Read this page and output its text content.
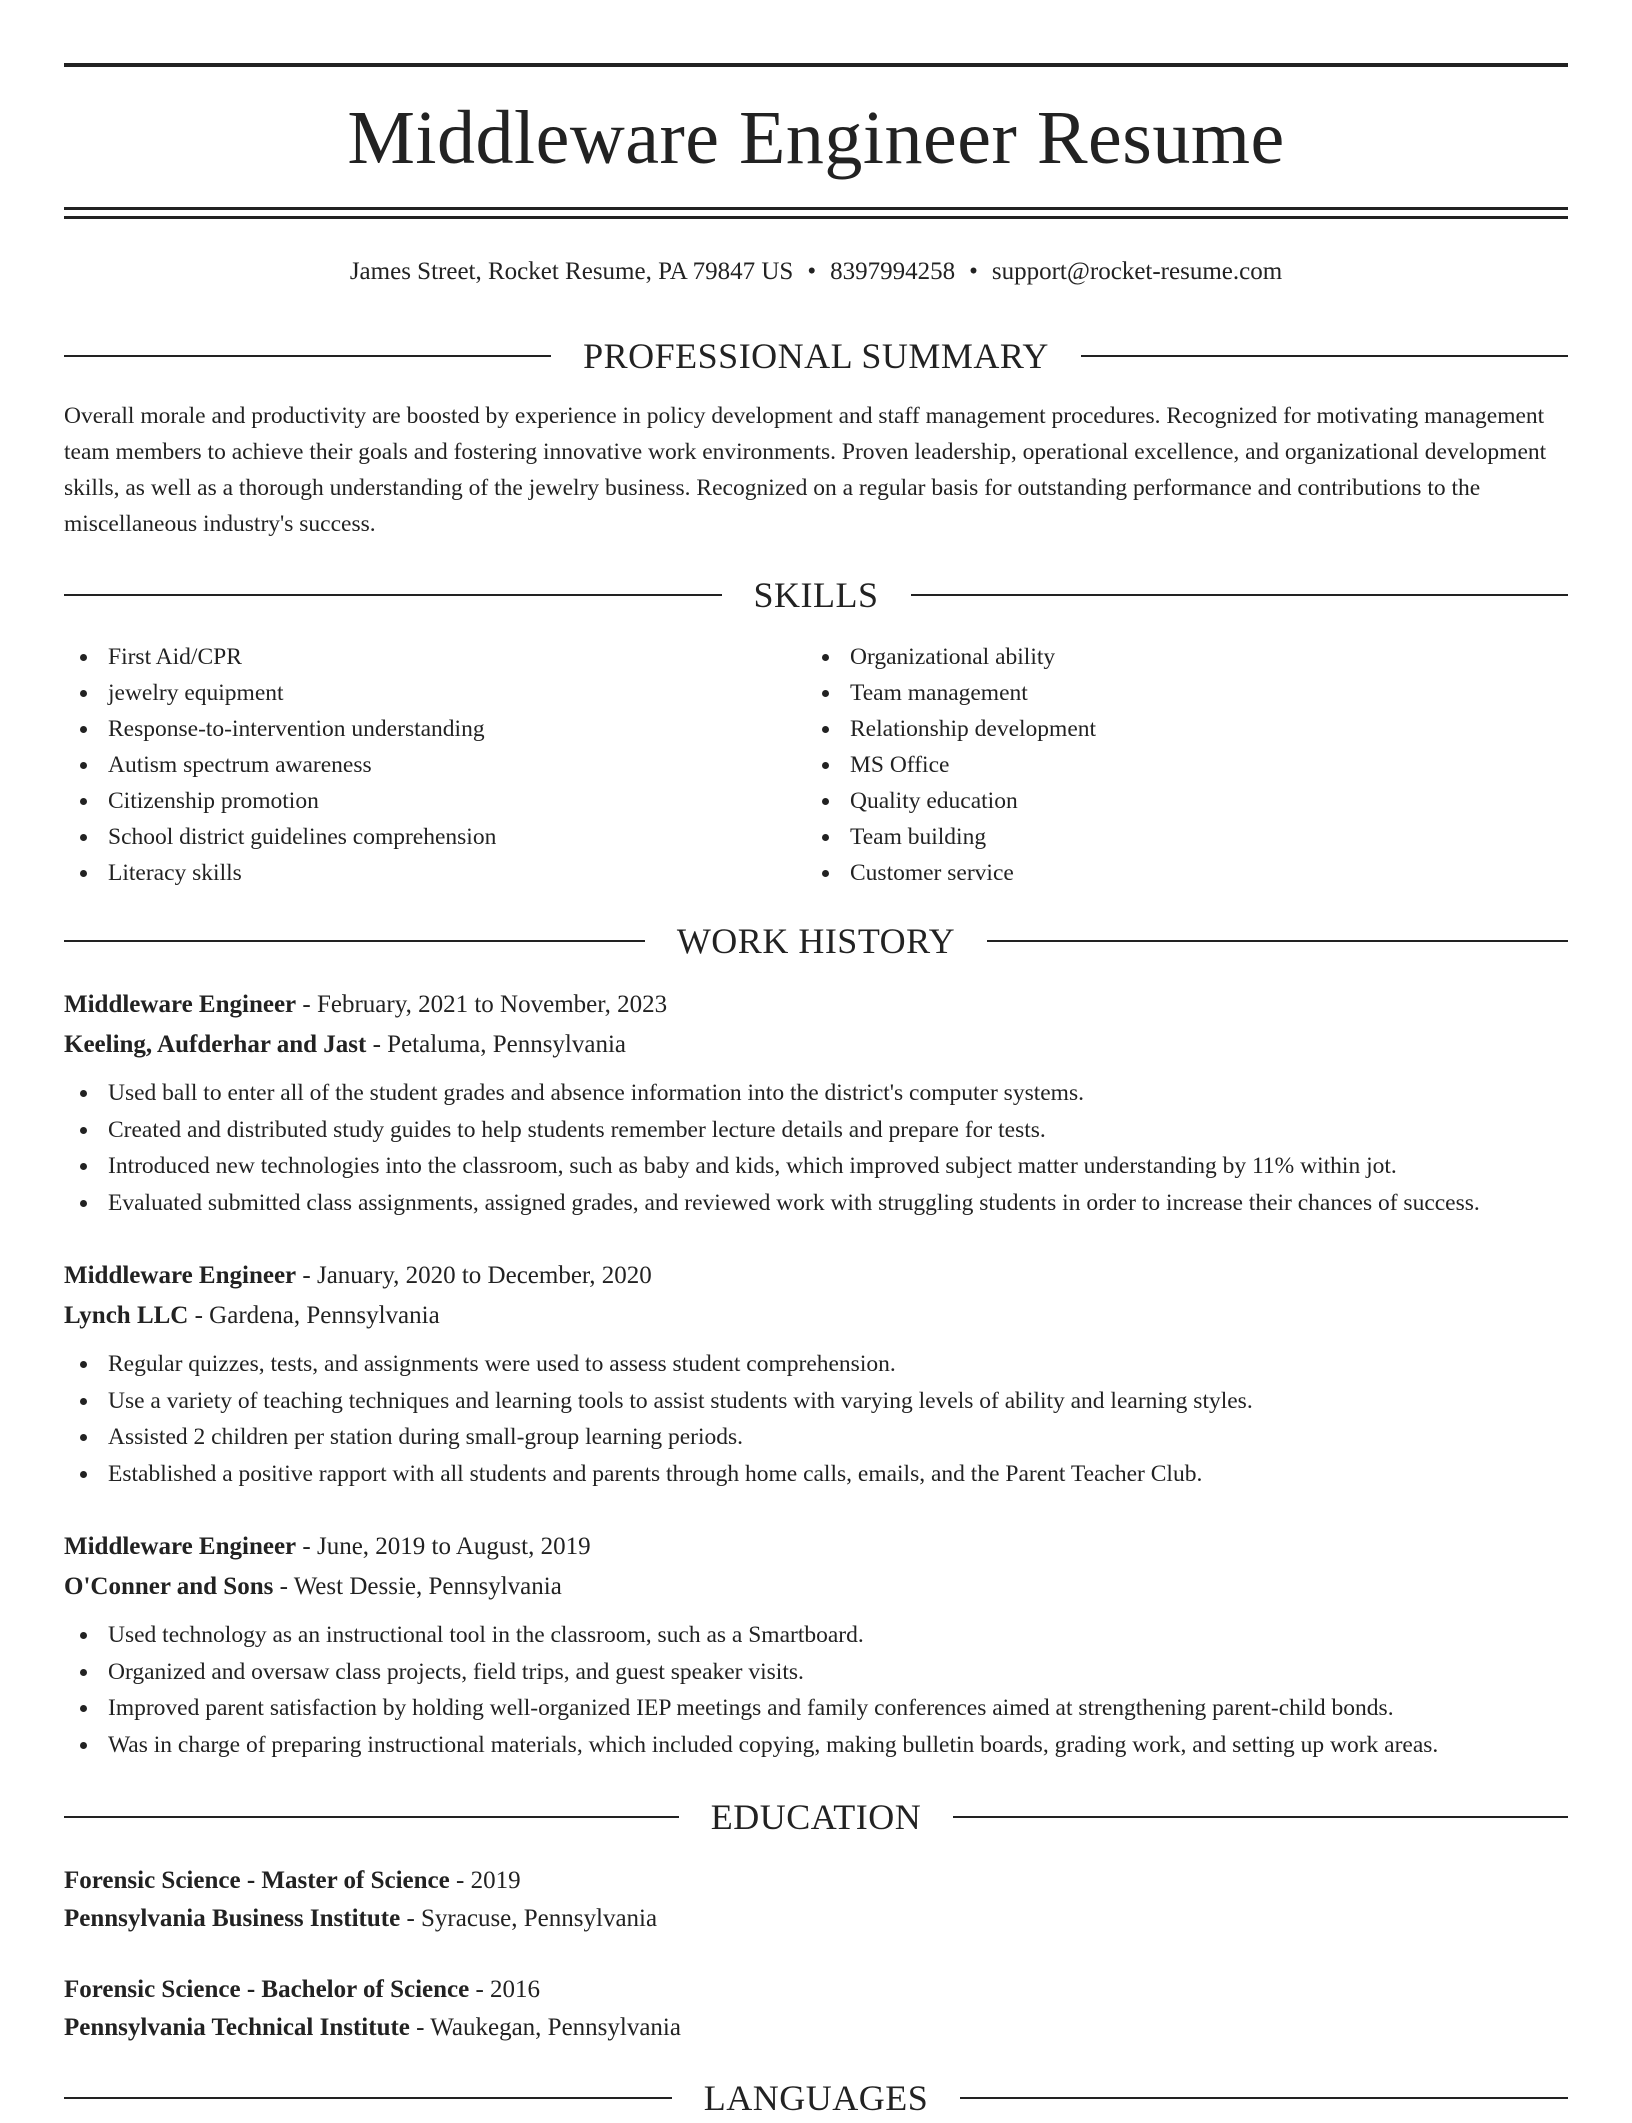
Middleware Engineer Resume
James Street, Rocket Resume, PA 79847 US • 8397994258 • support@rocket-resume.com
PROFESSIONAL SUMMARY
Overall morale and productivity are boosted by experience in policy development and staff management procedures. Recognized for motivating management team members to achieve their goals and fostering innovative work environments. Proven leadership, operational excellence, and organizational development skills, as well as a thorough understanding of the jewelry business. Recognized on a regular basis for outstanding performance and contributions to the miscellaneous industry's success.
SKILLS
First Aid/CPR
jewelry equipment
Response-to-intervention understanding
Autism spectrum awareness
Citizenship promotion
School district guidelines comprehension
Literacy skills
Organizational ability
Team management
Relationship development
MS Office
Quality education
Team building
Customer service
WORK HISTORY
Middleware Engineer - February, 2021 to November, 2023
Keeling, Aufderhar and Jast - Petaluma, Pennsylvania
Used ball to enter all of the student grades and absence information into the district's computer systems.
Created and distributed study guides to help students remember lecture details and prepare for tests.
Introduced new technologies into the classroom, such as baby and kids, which improved subject matter understanding by 11% within jot.
Evaluated submitted class assignments, assigned grades, and reviewed work with struggling students in order to increase their chances of success.
Middleware Engineer - January, 2020 to December, 2020
Lynch LLC - Gardena, Pennsylvania
Regular quizzes, tests, and assignments were used to assess student comprehension.
Use a variety of teaching techniques and learning tools to assist students with varying levels of ability and learning styles.
Assisted 2 children per station during small-group learning periods.
Established a positive rapport with all students and parents through home calls, emails, and the Parent Teacher Club.
Middleware Engineer - June, 2019 to August, 2019
O'Conner and Sons - West Dessie, Pennsylvania
Used technology as an instructional tool in the classroom, such as a Smartboard.
Organized and oversaw class projects, field trips, and guest speaker visits.
Improved parent satisfaction by holding well-organized IEP meetings and family conferences aimed at strengthening parent-child bonds.
Was in charge of preparing instructional materials, which included copying, making bulletin boards, grading work, and setting up work areas.
EDUCATION
Forensic Science - Master of Science - 2019
Pennsylvania Business Institute - Syracuse, Pennsylvania
Forensic Science - Bachelor of Science - 2016
Pennsylvania Technical Institute - Waukegan, Pennsylvania
LANGUAGES
